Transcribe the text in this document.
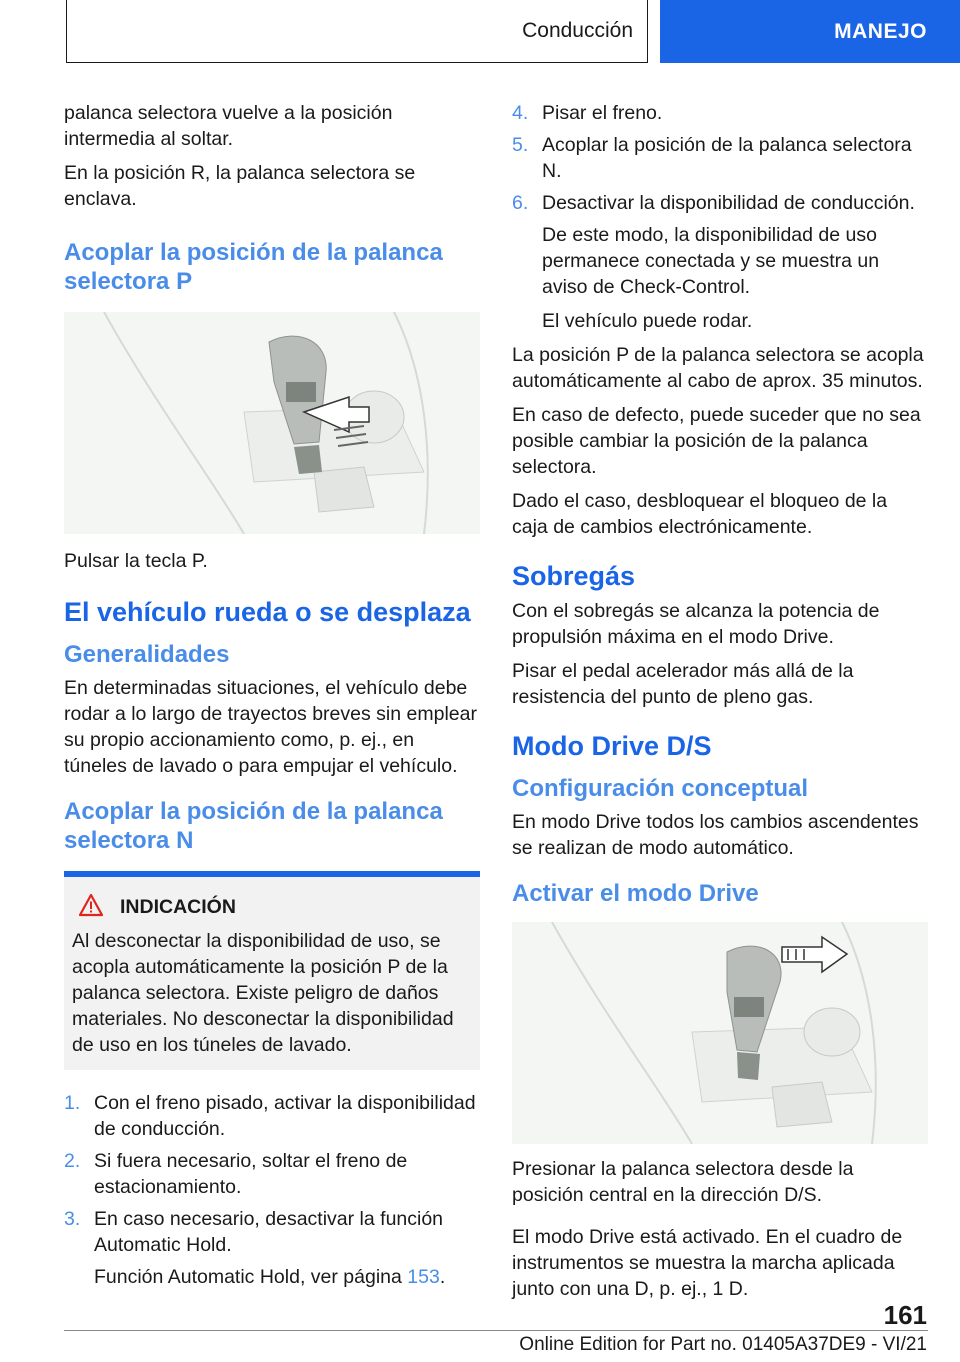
Conducción	MANEJO

palanca selectora vuelve a la posición intermedia al soltar.

En la posición R, la palanca selectora se enclava.

Acoplar la posición de la palanca selectora P

Pulsar la tecla P.

El vehículo rueda o se desplaza
Generalidades

En determinadas situaciones, el vehículo debe rodar a lo largo de trayectos breves sin emplear su propio accionamiento como, p. ej., en túneles de lavado o para empujar el vehículo.

Acoplar la posición de la palanca selectora N
INDICACIÓN

Al desconectar la disponibilidad de uso, se acopla automáticamente la posición P de la palanca selectora. Existe peligro de daños materiales. No desconectar la disponibilidad de uso en los túneles de lavado.

1. Con el freno pisado, activar la disponibilidad de conducción.
2. Si fuera necesario, soltar el freno de estacionamiento.
3. En caso necesario, desactivar la función Automatic Hold.

Función Automatic Hold, ver página 153.

4. Pisar el freno.
5. Acoplar la posición de la palanca selectora N.
6. Desactivar la disponibilidad de conducción.

De este modo, la disponibilidad de uso permanece conectada y se muestra un aviso de Check-Control.

El vehículo puede rodar.

La posición P de la palanca selectora se acopla automáticamente al cabo de aprox. 35 minutos.

En caso de defecto, puede suceder que no sea posible cambiar la posición de la palanca selectora.

Dado el caso, desbloquear el bloqueo de la caja de cambios electrónicamente.

Sobregás

Con el sobregás se alcanza la potencia de propulsión máxima en el modo Drive.

Pisar el pedal acelerador más allá de la resistencia del punto de pleno gas.

Modo Drive D/S
Configuración conceptual

En modo Drive todos los cambios ascendentes se realizan de modo automático.

Activar el modo Drive

Presionar la palanca selectora desde la posición central en la dirección D/S.

El modo Drive está activado. En el cuadro de instrumentos se muestra la marcha aplicada junto con una D, p. ej., 1 D.

161
Online Edition for Part no. 01405A37DE9 - VI/21
